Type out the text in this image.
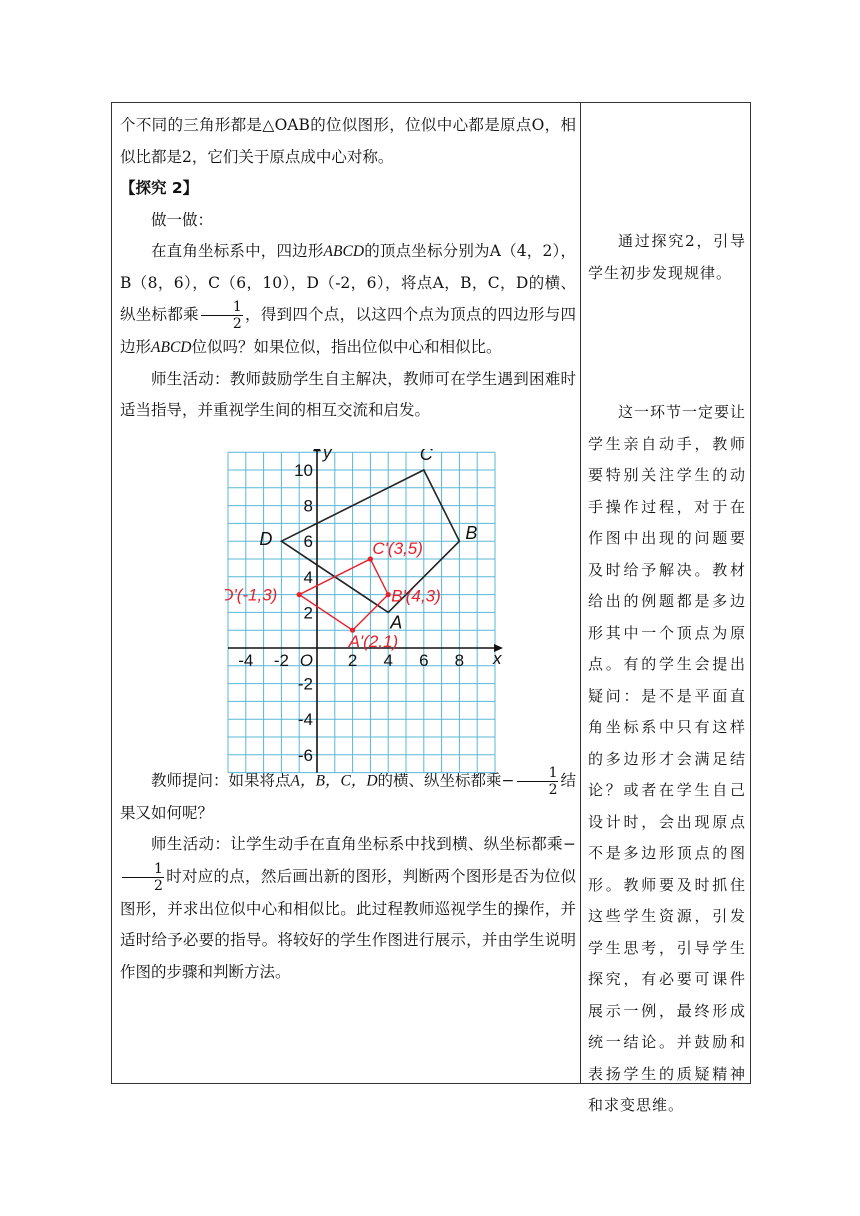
个不同的三角形都是△OAB的位似图形，位似中心都是原点O，相似比都是2，它们关于原点成中心对称。

【探究 2】

做一做：

在直角坐标系中，四边形ABCD的顶点坐标分别为A（4，2），B（8，6），C（6，10），D（-2，6），将点A，B，C，D的横、纵坐标都乘 $\frac{1}{2}$ ，得到四个点，以这四个点为顶点的四边形与四边形ABCD位似吗？如果位似，指出位似中心和相似比。

师生活动：教师鼓励学生自主解决，教师可在学生遇到困难时适当指导，并重视学生间的相互交流和启发。

教师提问：如果将点A，B，C，D的横、纵坐标都乘− $\frac{1}{2}$ 结果又如何呢？

师生活动：让学生动手在直角坐标系中找到横、纵坐标都乘−
$\frac{1}{2}$ 时对应的点，然后画出新的图形，判断两个图形是否为位似图形，并求出位似中心和相似比。此过程教师巡视学生的操作，并适时给予必要的指导。将较好的学生作图进行展示，并由学生说明作图的步骤和判断方法。

通过探究2，引导学生初步发现规律。

这一环节一定要让学生亲自动手，教师要特别关注学生的动手操作过程，对于在作图中出现的问题要及时给予解决。教材给出的例题都是多边形其中一个顶点为原点。有的学生会提出疑问：是不是平面直角坐标系中只有这样的多边形才会满足结论？或者在学生自己设计时，会出现原点不是多边形顶点的图形。教师要及时抓住这些学生资源，引发学生思考，引导学生探究，有必要可课件展示一例，最终形成统一结论。并鼓励和表扬学生的质疑精神和求变思维。

-4 -2	2 4 6 8
10
8
6
4
2
-2
-4
-6
O	x
y
A
B
C
D
A'(2,1)
B'(4,3)
C'(3,5)
D'(-1,3)
